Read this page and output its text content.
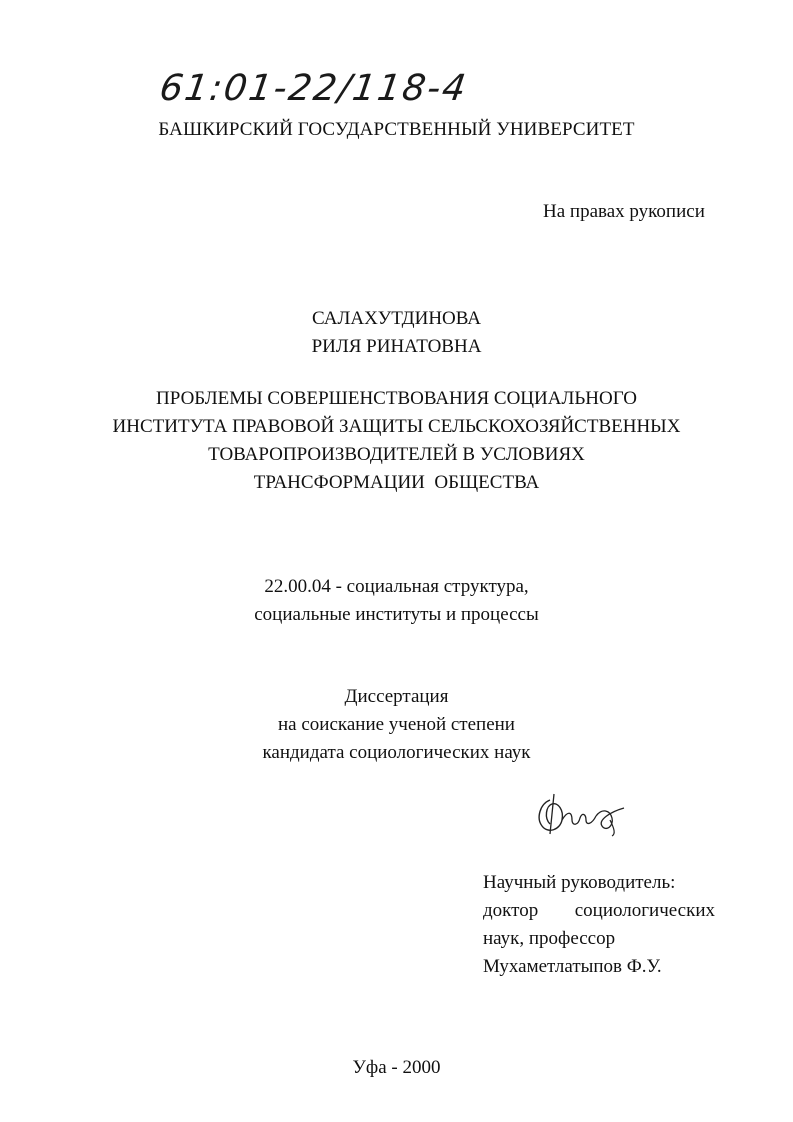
61:01-22/118-4
БАШКИРСКИЙ ГОСУДАРСТВЕННЫЙ УНИВЕРСИТЕТ
На правах рукописи
САЛАХУТДИНОВА
РИЛЯ РИНАТОВНА
ПРОБЛЕМЫ СОВЕРШЕНСТВОВАНИЯ СОЦИАЛЬНОГО
ИНСТИТУТА ПРАВОВОЙ ЗАЩИТЫ СЕЛЬСКОХОЗЯЙСТВЕННЫХ
ТОВАРОПРОИЗВОДИТЕЛЕЙ В УСЛОВИЯХ
ТРАНСФОРМАЦИИ  ОБЩЕСТВА
22.00.04 - социальная структура,
социальные институты и процессы
Диссертация
на соискание ученой степени
кандидата социологических наук
Научный руководитель:
доктор социологических
наук, профессор
Мухаметлатыпов Ф.У.
Уфа - 2000
